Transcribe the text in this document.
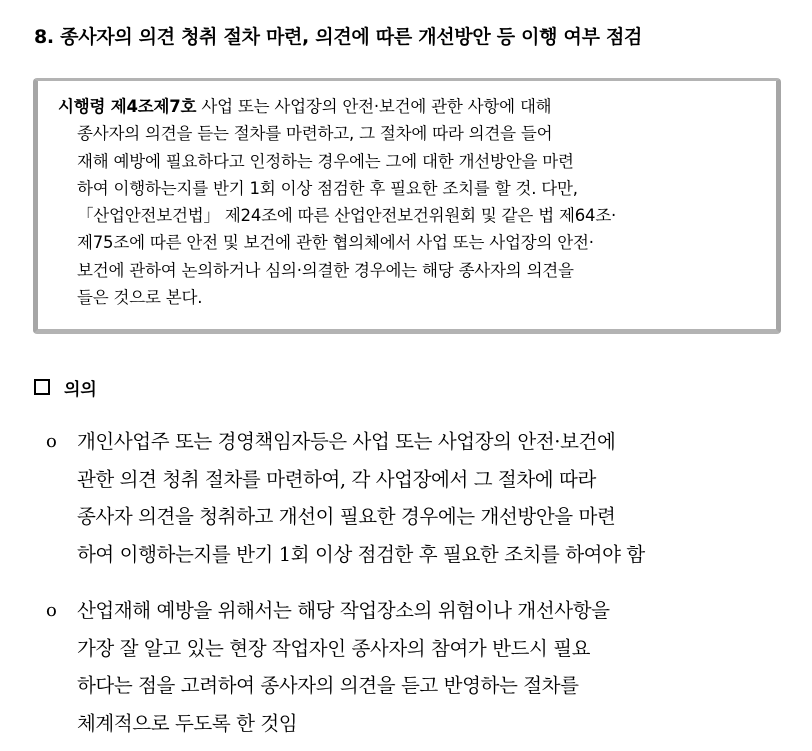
8. 종사자의 의견 청취 절차 마련, 의견에 따른 개선방안 등 이행 여부 점검
시행령 제4조제7호 사업 또는 사업장의 안전·보건에 관한 사항에 대해
종사자의 의견을 듣는 절차를 마련하고, 그 절차에 따라 의견을 들어
재해 예방에 필요하다고 인정하는 경우에는 그에 대한 개선방안을 마련
하여 이행하는지를 반기 1회 이상 점검한 후 필요한 조치를 할 것. 다만,
「산업안전보건법」 제24조에 따른 산업안전보건위원회 및 같은 법 제64조·
제75조에 따른 안전 및 보건에 관한 협의체에서 사업 또는 사업장의 안전·
보건에 관하여 논의하거나 심의·의결한 경우에는 해당 종사자의 의견을
들은 것으로 본다.
의의
o 개인사업주 또는 경영책임자등은 사업 또는 사업장의 안전·보건에
관한 의견 청취 절차를 마련하여, 각 사업장에서 그 절차에 따라
종사자 의견을 청취하고 개선이 필요한 경우에는 개선방안을 마련
하여 이행하는지를 반기 1회 이상 점검한 후 필요한 조치를 하여야 함
o 산업재해 예방을 위해서는 해당 작업장소의 위험이나 개선사항을
가장 잘 알고 있는 현장 작업자인 종사자의 참여가 반드시 필요
하다는 점을 고려하여 종사자의 의견을 듣고 반영하는 절차를
체계적으로 두도록 한 것임
